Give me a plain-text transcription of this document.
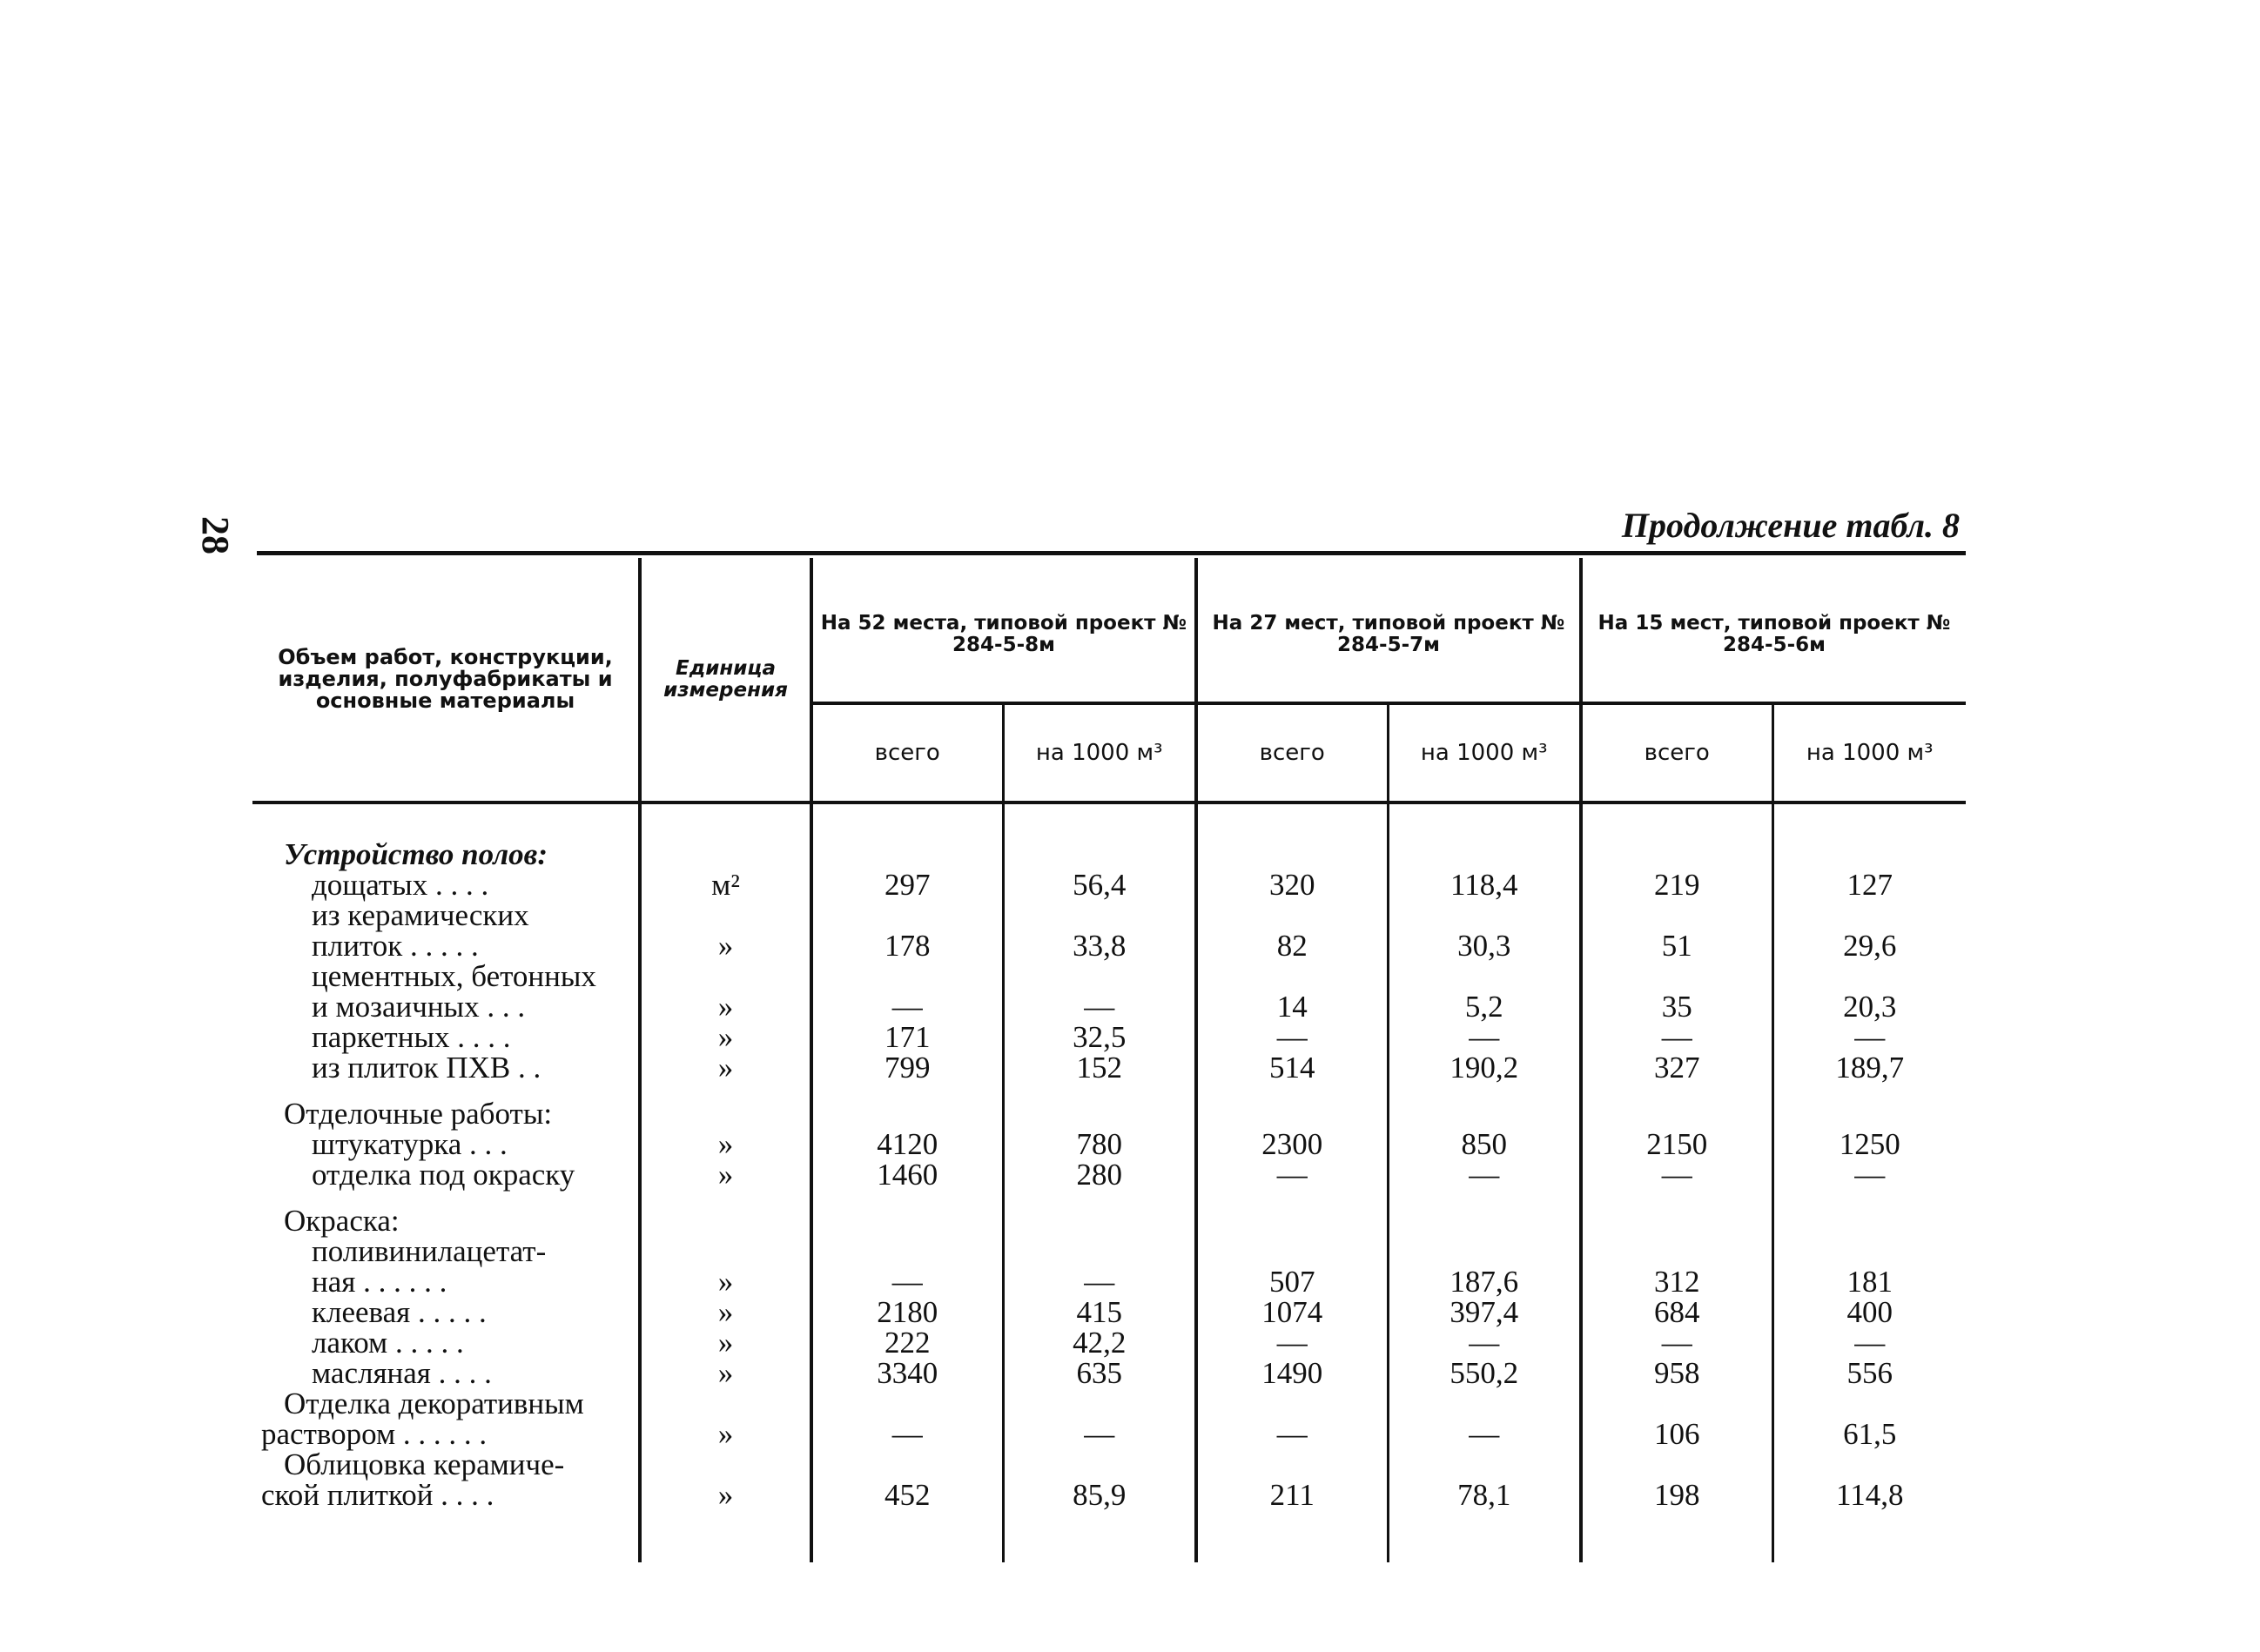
28	Продолжение табл. 8
Объем работ, конструкции, изделия, полуфабрикаты и основные материалы	Единица измерения	На 52 места, типовой проект № 284-5-8м		На 27 мест, типовой проект № 284-5-7м		На 15 мест, типовой проект № 284-5-6м	
		всего	на 1000 м³	всего	на 1000 м³	всего	на 1000 м³
Устройство полов:							
дощатых . . . .	м²	297	56,4	320	118,4	219	127
из керамических							
плиток . . . . .	»	178	33,8	82	30,3	51	29,6
цементных, бетонных							
и мозаичных . . .	»	—	—	14	5,2	35	20,3
паркетных . . . .	»	171	32,5	—	—	—	—
из плиток ПХВ . .	»	799	152	514	190,2	327	189,7
Отделочные работы:							
штукатурка . . .	»	4120	780	2300	850	2150	1250
отделка под окраску	»	1460	280	—	—	—	—
Окраска:							
поливинилацетат-							
ная . . . . . .	»	—	—	507	187,6	312	181
клеевая . . . . .	»	2180	415	1074	397,4	684	400
лаком . . . . .	»	222	42,2	—	—	—	—
масляная . . . .	»	3340	635	1490	550,2	958	556
Отделка декоративным							
раствором . . . . . .	»	—	—	—	—	106	61,5
Облицовка керамиче-							
ской плиткой . . . .	»	452	85,9	211	78,1	198	114,8
